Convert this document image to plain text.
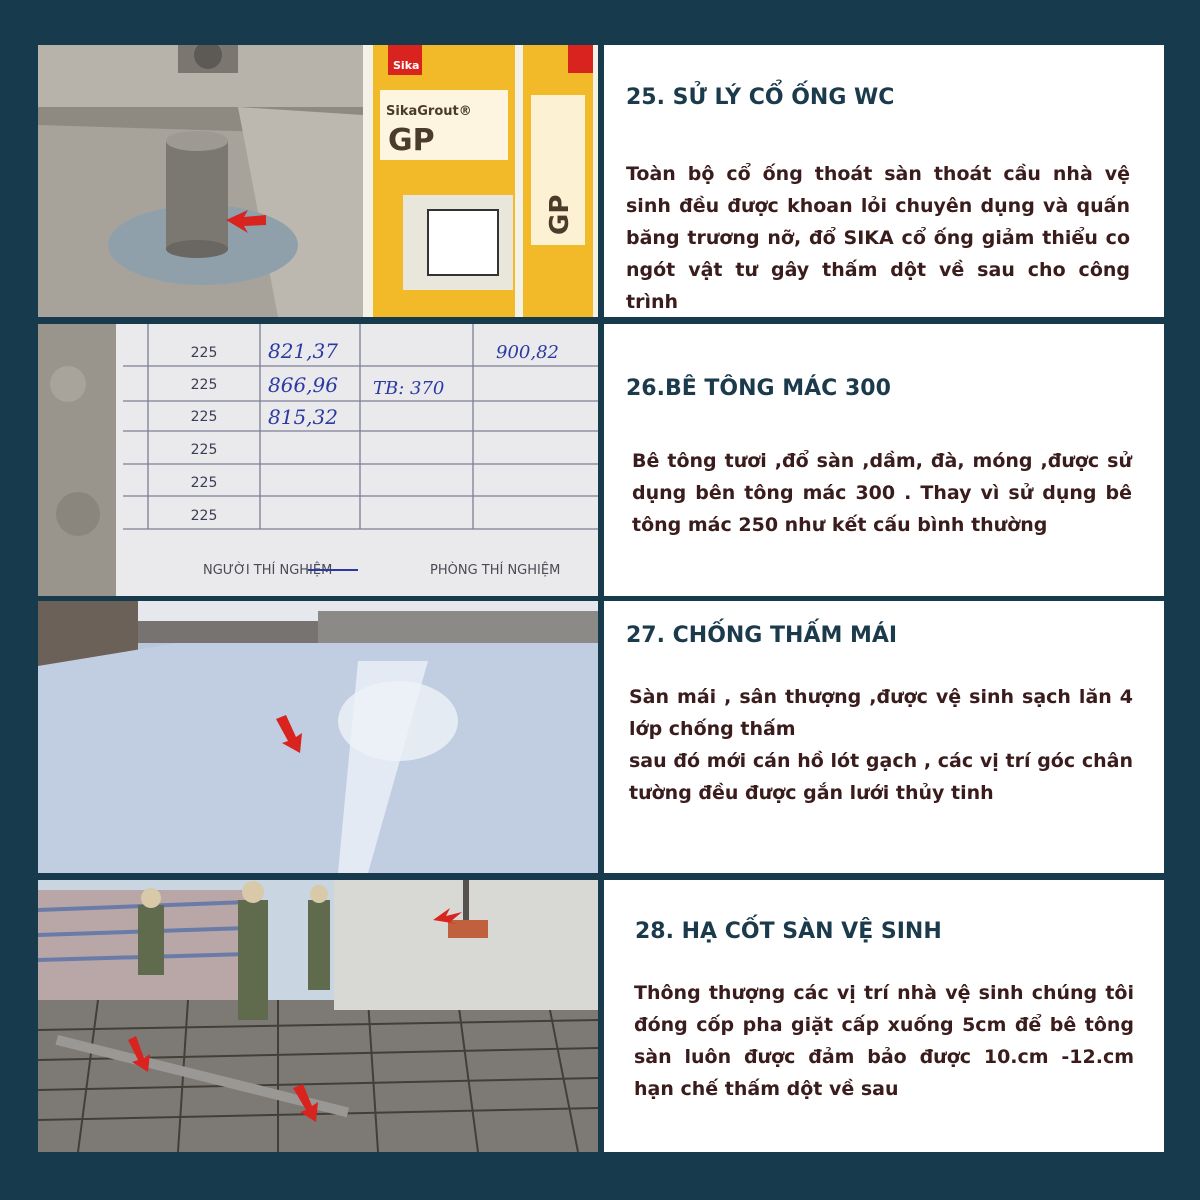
SikaGrout®
GP
Sika
GP
25. SỬ LÝ CỔ ỐNG WC
Toàn bộ cổ ống thoát sàn thoát cầu nhà vệ sinh đều được khoan lỏi chuyên dụng và quấn băng trương nỡ, đổ SIKA cổ ống giảm thiểu co ngót vật tư gây thấm dột về sau cho công trình
225
225
225
225
225
225
821,37
866,96
815,32
TB: 370
900,82
NGƯỜI THÍ NGHIỆM	PHÒNG THÍ NGHIỆM
26.BÊ TÔNG MÁC 300
Bê tông tươi ,đổ sàn ,dầm, đà, móng ,được sử dụng bên tông mác 300 . Thay vì sử dụng bê tông mác 250 như kết cấu bình thường
27. CHỐNG THẤM MÁI
Sàn mái , sân thượng ,được vệ sinh sạch lăn 4 lớp chống thấm
sau đó mới cán hồ lót gạch , các vị trí góc chân tường đều được gắn lưới thủy tinh
28. HẠ CỐT SÀN VỆ SINH
Thông thượng các vị trí nhà vệ sinh chúng tôi đóng cốp pha giặt cấp xuống 5cm để bê tông sàn luôn được đảm bảo được 10.cm -12.cm hạn chế thấm dột về sau
